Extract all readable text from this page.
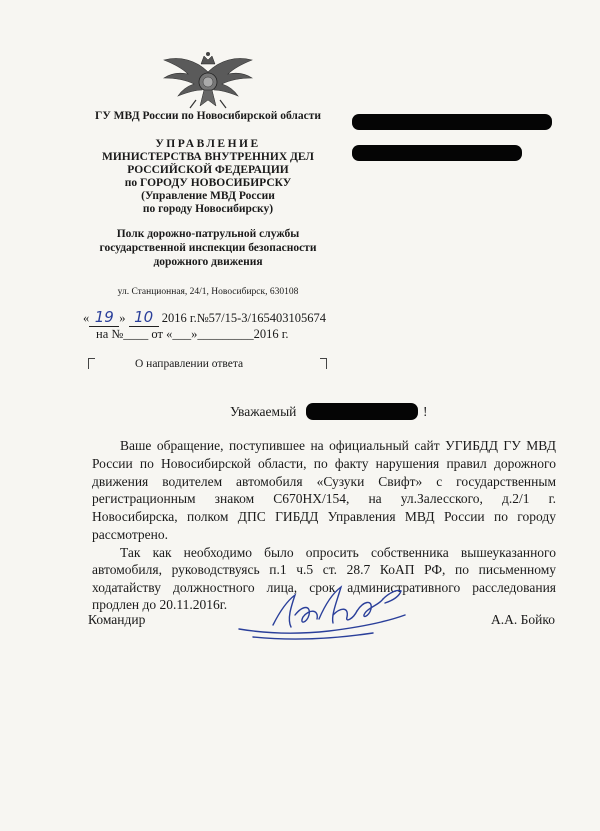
ГУ МВД России по Новосибирской области
УПРАВЛЕНИЕ
МИНИСТЕРСТВА ВНУТРЕННИХ ДЕЛ
РОССИЙСКОЙ ФЕДЕРАЦИИ
по ГОРОДУ НОВОСИБИРСКУ
(Управление МВД России
по городу Новосибирску)
Полк дорожно-патрульной службы
государственной инспекции безопасности
дорожного движения
ул. Станционная, 24/1, Новосибирск, 630108
« 19 » 10 2016 г.№57/15-3/165403105674
на №____ от «___»_________2016 г.
О направлении ответа
Уважаемый	!
Ваше обращение, поступившее на официальный сайт УГИБДД ГУ МВД
России по Новосибирской области, по факту нарушения правил дорожного
движения водителем автомобиля «Сузуки Свифт» с государственным
регистрационным знаком С670НХ/154, на ул.Залесского, д.2/1 г.
Новосибирска, полком ДПС ГИБДД Управления МВД России по городу
рассмотрено.
Так как необходимо было опросить собственника вышеуказанного
автомобиля, руководствуясь п.1 ч.5 ст. 28.7 КоАП РФ, по письменному
ходатайству должностного лица, срок административного расследования
продлен до 20.11.2016г.
Командир	А.А. Бойко
